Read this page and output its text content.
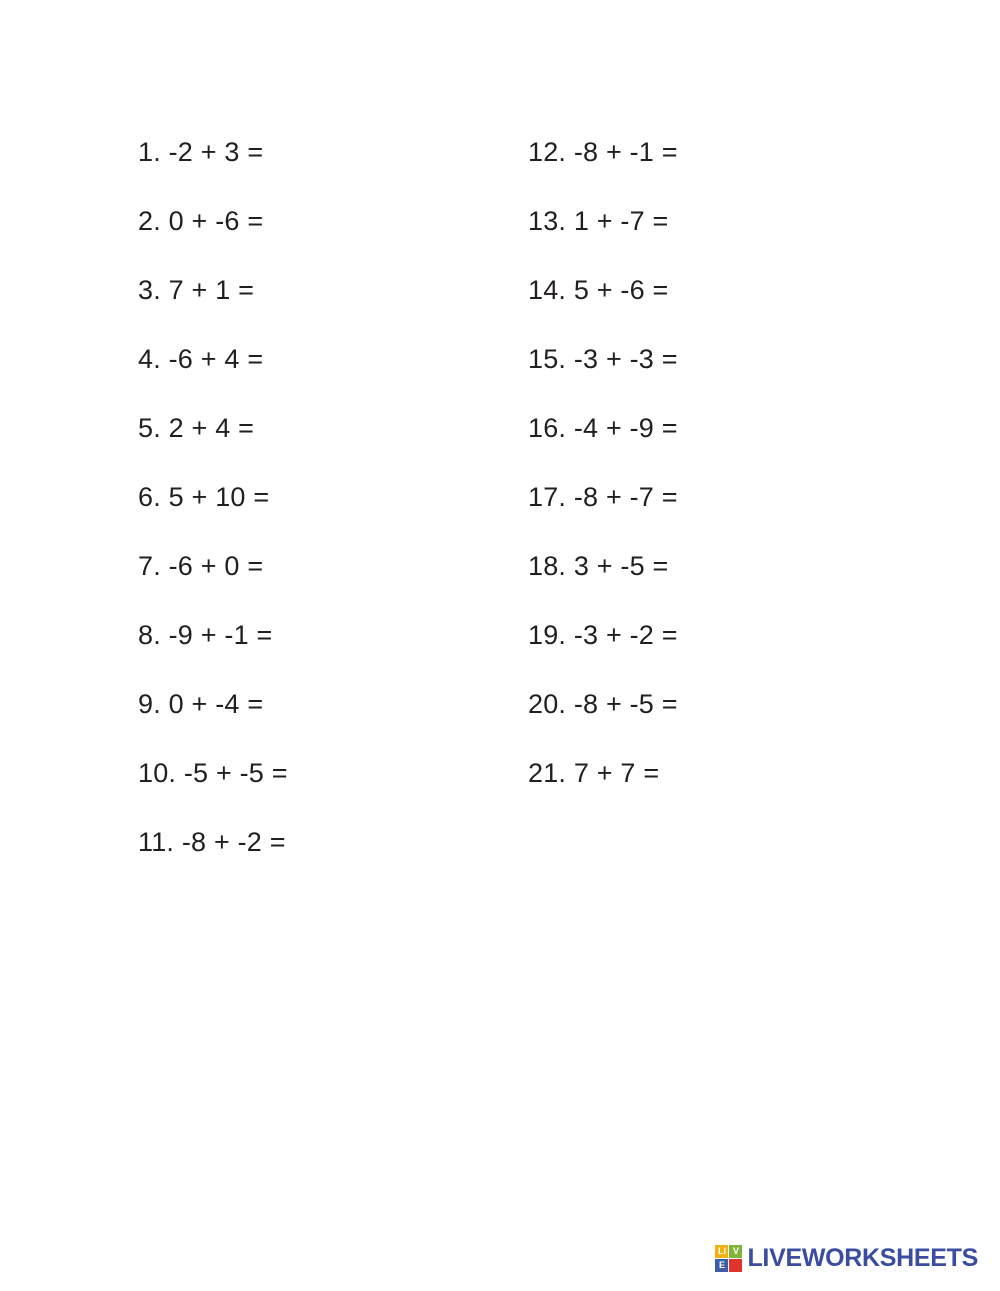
1. -2 + 3 =
2. 0 + -6 =
3. 7 + 1 =
4. -6 + 4 =
5. 2 + 4 =
6. 5 + 10 =
7. -6 + 0 =
8. -9 + -1 =
9. 0 + -4 =
10. -5 + -5 =
11. -8 + -2 =
12. -8 + -1 =
13. 1 + -7 =
14. 5 + -6 =
15. -3 + -3 =
16. -4 + -9 =
17. -8 + -7 =
18. 3 + -5 =
19. -3 + -2 =
20. -8 + -5 =
21. 7 + 7 =
LI V
E LIVEWORKSHEETS
